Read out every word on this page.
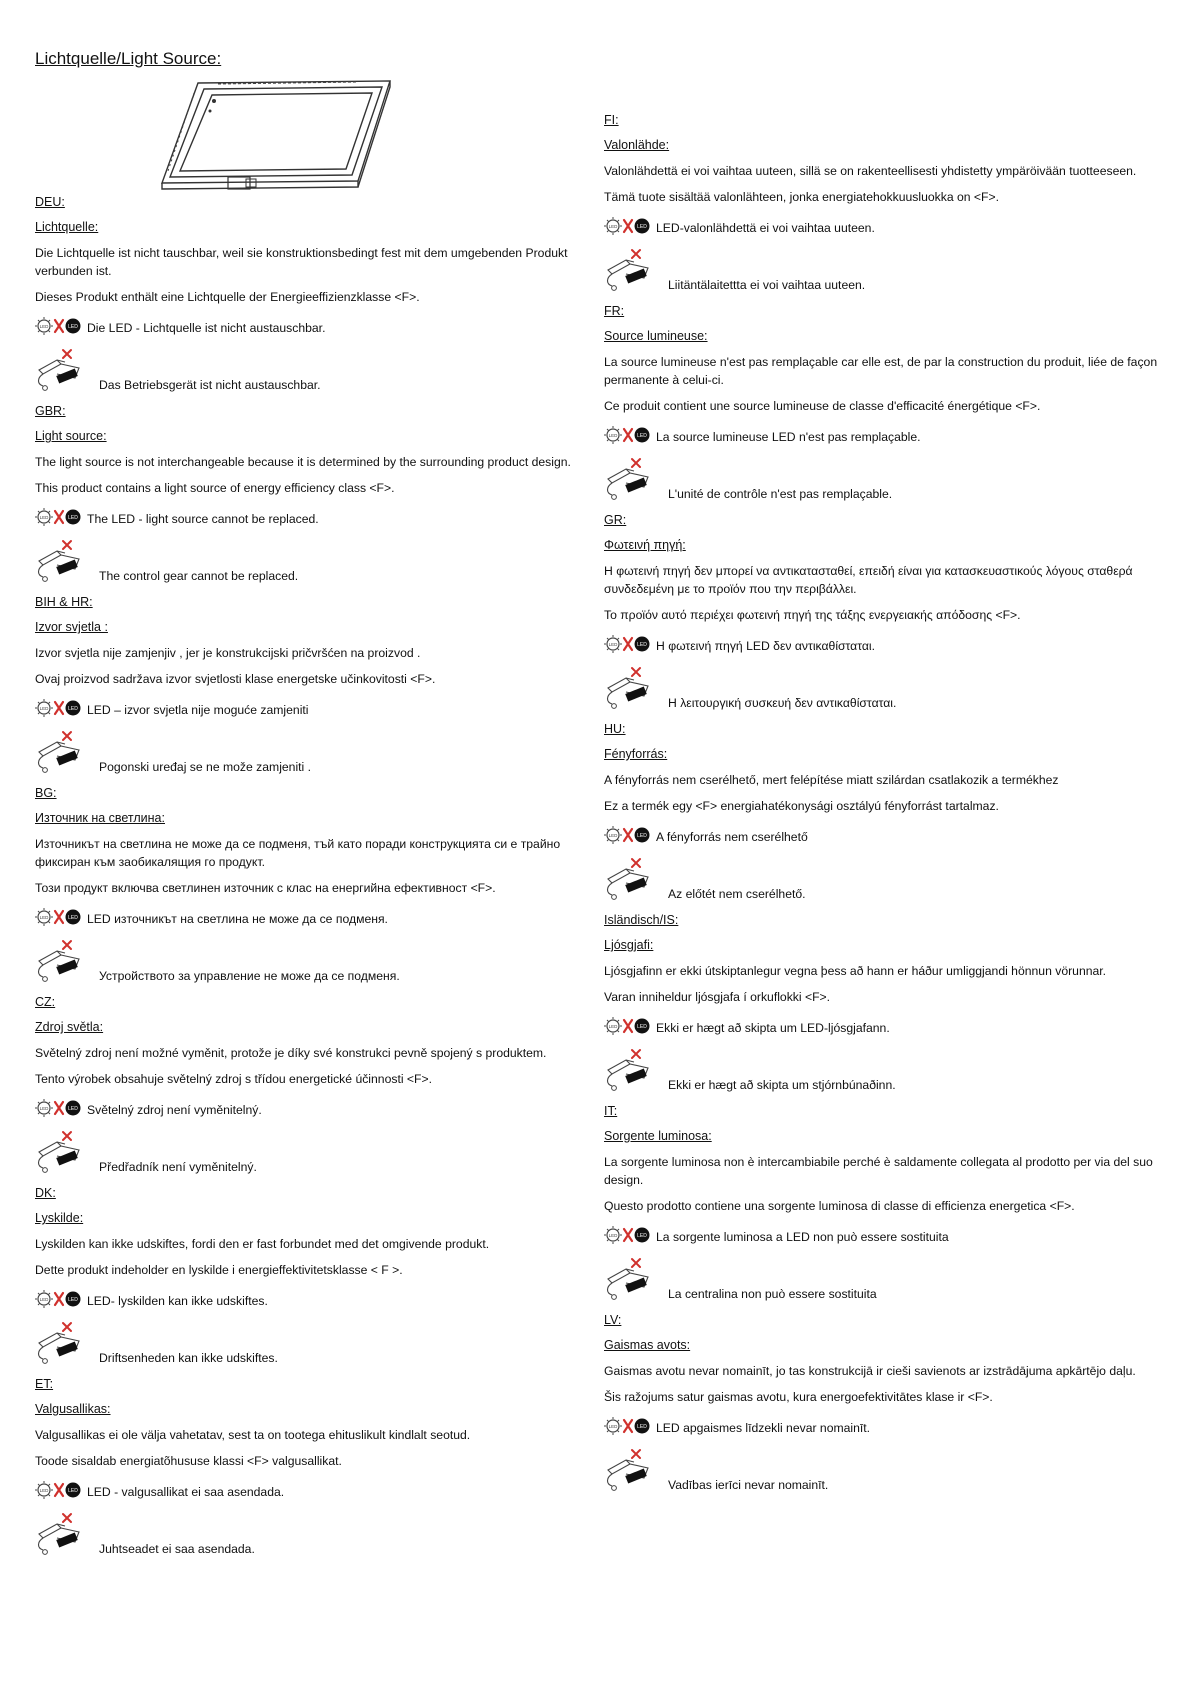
Lichtquelle/Light Source:
DEU:
Lichtquelle:

Die Lichtquelle ist nicht tauschbar, weil sie konstruktionsbedingt fest mit dem umgebenden Produkt verbunden ist.

Dieses Produkt enthält eine Lichtquelle der Energieeffizienzklasse <F>.

LED	LED Die LED - Lichtquelle ist nicht austauschbar.
Das Betriebsgerät ist nicht austauschbar.
GBR:
Light source:

The light source is not interchangeable because it is determined by the surrounding product design.

This product contains a light source of energy efficiency class <F>.

LED	LED The LED - light source cannot be replaced.
The control gear cannot be replaced.
BIH & HR:
Izvor svjetla :

Izvor svjetla nije zamjenjiv , jer je konstrukcijski pričvršćen na proizvod .

Ovaj proizvod sadržava izvor svjetlosti klase energetske učinkovitosti <F>.

LED	LED LED – izvor svjetla nije moguće zamjeniti
Pogonski uređaj se ne može zamjeniti .
BG:
Източник на светлина:

Източникът на светлина не може да се подменя, тъй като поради конструкцията си е трайно фиксиран към заобикалящия го продукт.

Този продукт включва светлинен източник с клас на енергийна ефективност <F>.

LED	LED LED източникът на светлина не може да се подменя.
Устройството за управление не може да се подменя.
CZ:
Zdroj světla:

Světelný zdroj není možné vyměnit, protože je díky své konstrukci pevně spojený s produktem.

Tento výrobek obsahuje světelný zdroj s třídou energetické účinnosti <F>.

LED	LED Světelný zdroj není vyměnitelný.
Předřadník není vyměnitelný.
DK:
Lyskilde:

Lyskilden kan ikke udskiftes, fordi den er fast forbundet med det omgivende produkt.

Dette produkt indeholder en lyskilde i energieffektivitetsklasse < F >.

LED	LED LED- lyskilden kan ikke udskiftes.
Driftsenheden kan ikke udskiftes.
ET:
Valgusallikas:

Valgusallikas ei ole välja vahetatav, sest ta on tootega ehituslikult kindlalt seotud.

Toode sisaldab energiatõhususe klassi <F> valgusallikat.

LED	LED LED - valgusallikat ei saa asendada.
Juhtseadet ei saa asendada.
FI:
Valonlähde:

Valonlähdettä ei voi vaihtaa uuteen, sillä se on rakenteellisesti yhdistetty ympäröivään tuotteeseen.

Tämä tuote sisältää valonlähteen, jonka energiatehokkuusluokka on <F>.

LED	LED LED-valonlähdettä ei voi vaihtaa uuteen.
Liitäntälaitettta ei voi vaihtaa uuteen.
FR:
Source lumineuse:

La source lumineuse n'est pas remplaçable car elle est, de par la construction du produit, liée de façon permanente à celui-ci.

Ce produit contient une source lumineuse de classe d'efficacité énergétique <F>.

LED	LED La source lumineuse LED n'est pas remplaçable.
L'unité de contrôle n'est pas remplaçable.
GR:
Φωτεινή πηγή:

Η φωτεινή πηγή δεν μπορεί να αντικατασταθεί, επειδή είναι για κατασκευαστικούς λόγους σταθερά συνδεδεμένη με το προϊόν που την περιβάλλει.

Το προϊόν αυτό περιέχει φωτεινή πηγή της τάξης ενεργειακής απόδοσης <F>.

LED	LED Η φωτεινή πηγή LED δεν αντικαθίσταται.
Η λειτουργική συσκευή δεν αντικαθίσταται.
HU:
Fényforrás:

A fényforrás nem cserélhető, mert felépítése miatt szilárdan csatlakozik a termékhez

Ez a termék egy <F> energiahatékonysági osztályú fényforrást tartalmaz.

LED	LED A fényforrás nem cserélhető
Az előtét nem cserélhető.
Isländisch/IS:
Ljósgjafi:

Ljósgjafinn er ekki útskiptanlegur vegna þess að hann er háður umliggjandi hönnun vörunnar.

Varan inniheldur ljósgjafa í orkuflokki <F>.

LED	LED Ekki er hægt að skipta um LED-ljósgjafann.
Ekki er hægt að skipta um stjórnbúnaðinn.
IT:
Sorgente luminosa:

La sorgente luminosa non è intercambiabile perché è saldamente collegata al prodotto per via del suo design.

Questo prodotto contiene una sorgente luminosa di classe di efficienza energetica <F>.

LED	LED La sorgente luminosa a LED non può essere sostituita
La centralina non può essere sostituita
LV:
Gaismas avots:

Gaismas avotu nevar nomainīt, jo tas konstrukcijā ir cieši savienots ar izstrādājuma apkārtējo daļu.

Šis ražojums satur gaismas avotu, kura energoefektivitātes klase ir <F>.

LED	LED LED apgaismes līdzekli nevar nomainīt.
Vadības ierīci nevar nomainīt.
